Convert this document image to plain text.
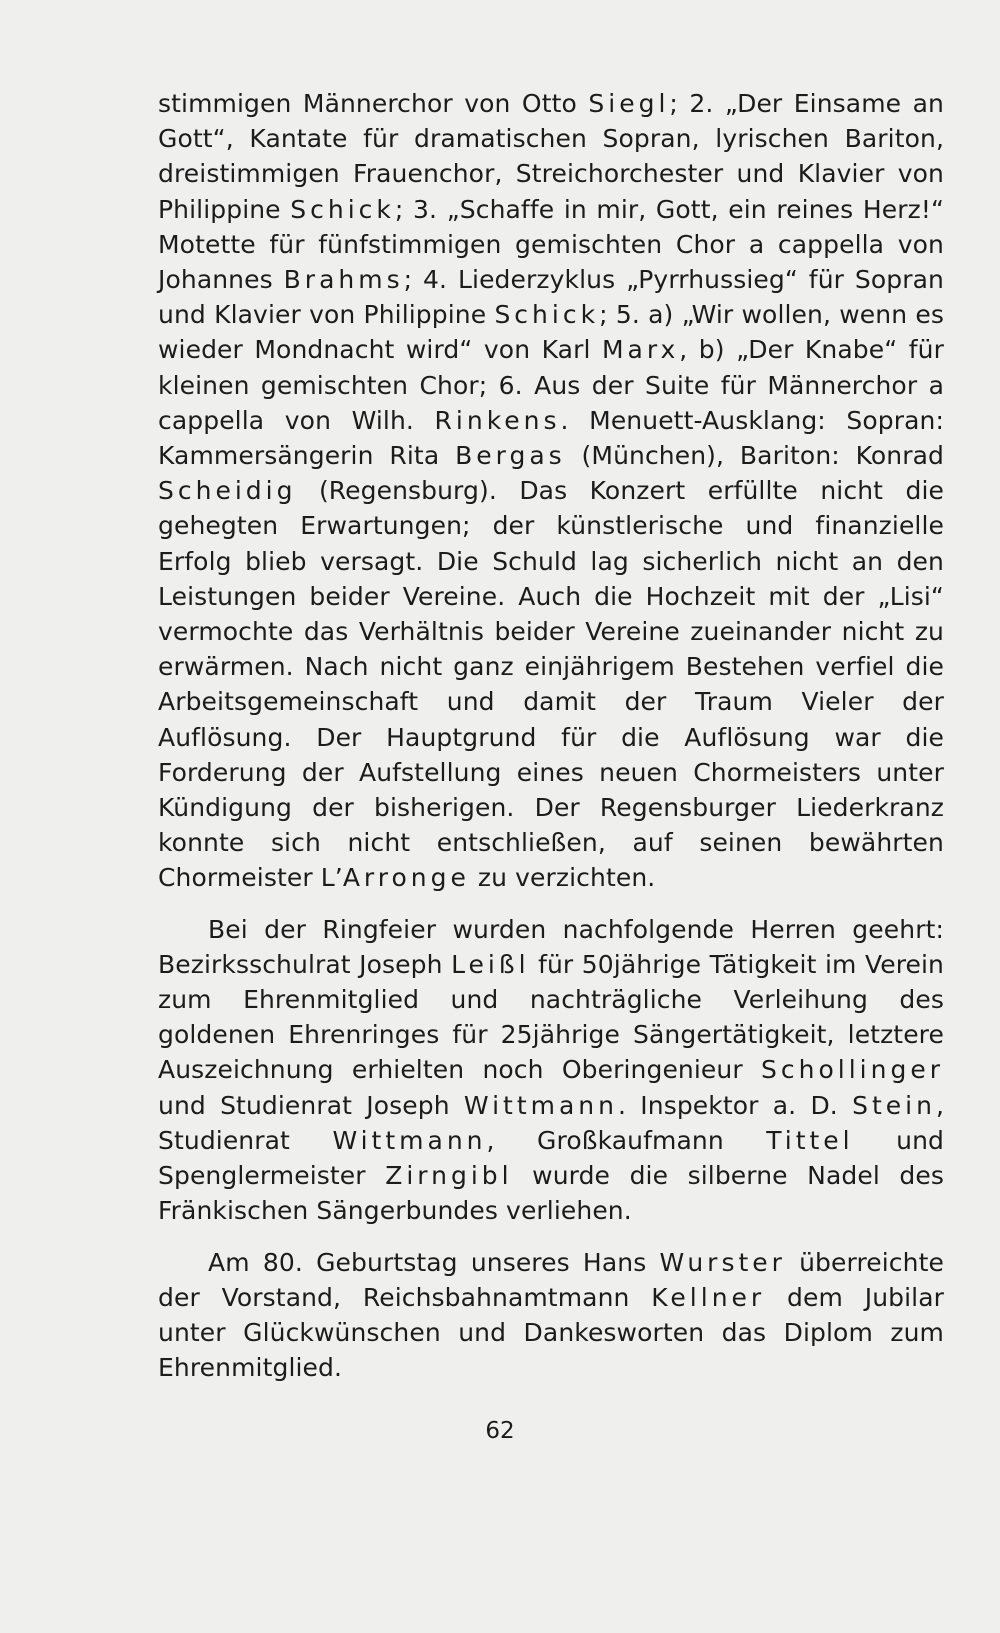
stimmigen Männerchor von Otto Siegl; 2. „Der Einsame an Gott“, Kantate für dramatischen Sopran, lyrischen Bariton, dreistimmigen Frauenchor, Streichorchester und Klavier von Philippine Schick; 3. „Schaffe in mir, Gott, ein reines Herz!“ Motette für fünfstimmigen gemischten Chor a cappella von Johannes Brahms; 4. Liederzyklus „Pyrrhussieg“ für Sopran und Klavier von Philippine Schick; 5. a) „Wir wollen, wenn es wieder Mondnacht wird“ von Karl Marx, b) „Der Knabe“ für kleinen gemischten Chor; 6. Aus der Suite für Männerchor a cappella von Wilh. Rinkens. Menuett-Ausklang: Sopran: Kammersängerin Rita Bergas (München), Bariton: Konrad Scheidig (Regensburg). Das Konzert erfüllte nicht die gehegten Erwartungen; der künstlerische und finanzielle Erfolg blieb versagt. Die Schuld lag sicherlich nicht an den Leistungen beider Vereine. Auch die Hochzeit mit der „Lisi“ vermochte das Verhältnis beider Vereine zueinander nicht zu erwärmen. Nach nicht ganz einjährigem Bestehen verfiel die Arbeitsgemeinschaft und damit der Traum Vieler der Auflösung. Der Hauptgrund für die Auflösung war die Forderung der Aufstellung eines neuen Chormeisters unter Kündigung der bisherigen. Der Regensburger Liederkranz konnte sich nicht entschließen, auf seinen bewährten Chormeister L’Arronge zu verzichten.

Bei der Ringfeier wurden nachfolgende Herren geehrt: Bezirksschulrat Joseph Leißl für 50jährige Tätigkeit im Verein zum Ehrenmitglied und nachträgliche Verleihung des goldenen Ehrenringes für 25jährige Sängertätigkeit, letztere Auszeichnung erhielten noch Oberingenieur Schollinger und Studienrat Joseph Wittmann. Inspektor a. D. Stein, Studienrat Wittmann, Großkaufmann Tittel und Spenglermeister Zirngibl wurde die silberne Nadel des Fränkischen Sängerbundes verliehen.

Am 80. Geburtstag unseres Hans Wurster überreichte der Vorstand, Reichsbahnamtmann Kellner dem Jubilar unter Glückwünschen und Dankesworten das Diplom zum Ehrenmitglied.

62
